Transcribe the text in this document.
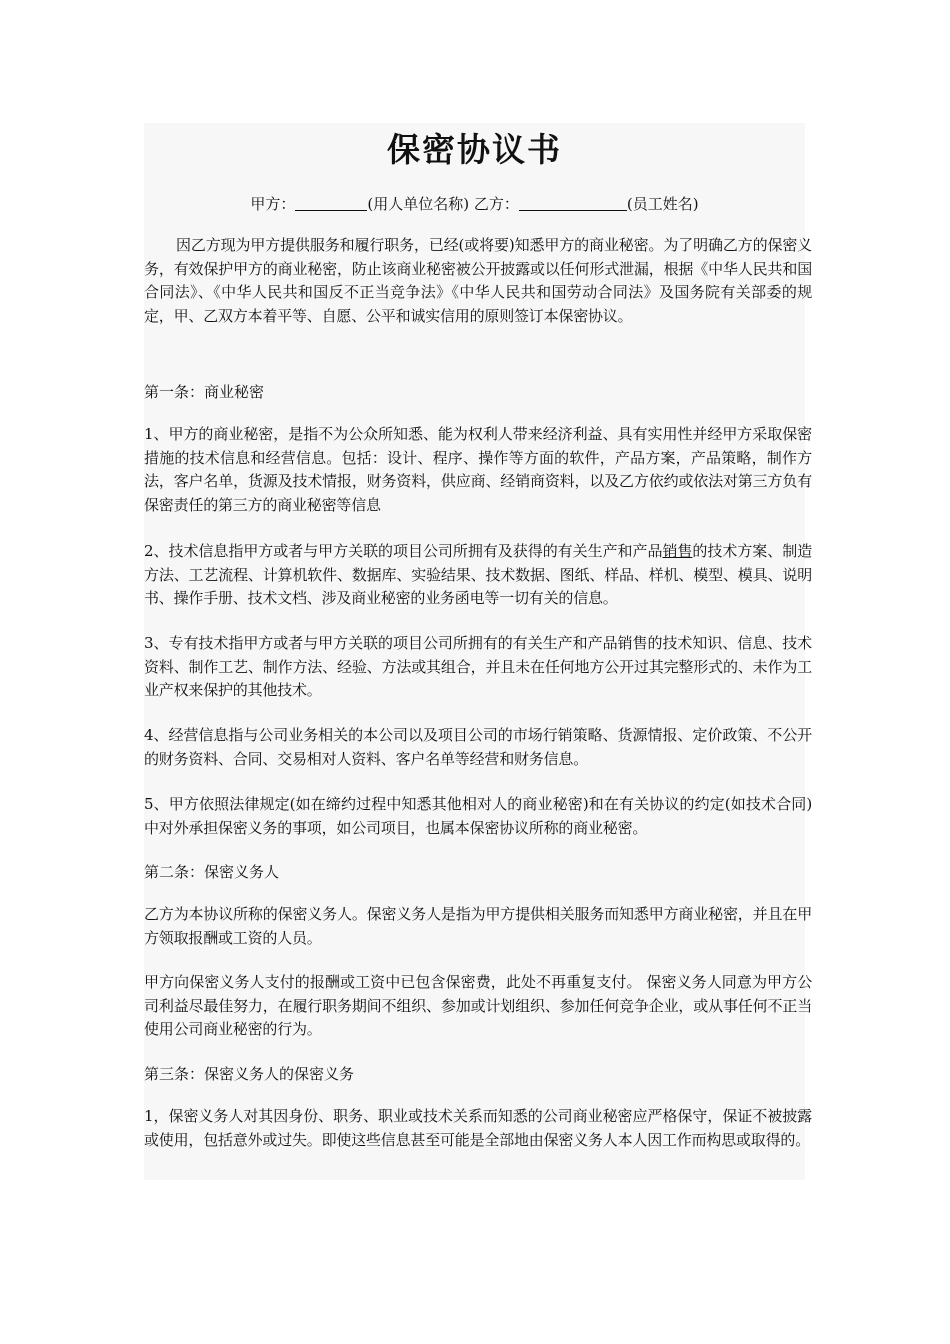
保密协议书
甲方：	(用人单位名称) 乙方：	(员工姓名)

因乙方现为甲方提供服务和履行职务，已经(或将要)知悉甲方的商业秘密。为了明确乙方的保密义务，有效保护甲方的商业秘密，防止该商业秘密被公开披露或以任何形式泄漏，根据《中华人民共和国合同法》、《中华人民共和国反不正当竞争法》《中华人民共和国劳动合同法》及国务院有关部委的规定，甲、乙双方本着平等、自愿、公平和诚实信用的原则签订本保密协议。

第一条：商业秘密

1、甲方的商业秘密，是指不为公众所知悉、能为权利人带来经济利益、具有实用性并经甲方采取保密措施的技术信息和经营信息。包括：设计、程序、操作等方面的软件，产品方案，产品策略，制作方法，客户名单，货源及技术情报，财务资料，供应商、经销商资料，以及乙方依约或依法对第三方负有保密责任的第三方的商业秘密等信息

2、技术信息指甲方或者与甲方关联的项目公司所拥有及获得的有关生产和产品销售的技术方案、制造方法、工艺流程、计算机软件、数据库、实验结果、技术数据、图纸、样品、样机、模型、模具、说明书、操作手册、技术文档、涉及商业秘密的业务函电等一切有关的信息。

3、专有技术指甲方或者与甲方关联的项目公司所拥有的有关生产和产品销售的技术知识、信息、技术资料、制作工艺、制作方法、经验、方法或其组合，并且未在任何地方公开过其完整形式的、未作为工业产权来保护的其他技术。

4、经营信息指与公司业务相关的本公司以及项目公司的市场行销策略、货源情报、定价政策、不公开的财务资料、合同、交易相对人资料、客户名单等经营和财务信息。

5、甲方依照法律规定(如在缔约过程中知悉其他相对人的商业秘密)和在有关协议的约定(如技术合同)中对外承担保密义务的事项，如公司项目，也属本保密协议所称的商业秘密。

第二条：保密义务人

乙方为本协议所称的保密义务人。保密义务人是指为甲方提供相关服务而知悉甲方商业秘密，并且在甲方领取报酬或工资的人员。

甲方向保密义务人支付的报酬或工资中已包含保密费，此处不再重复支付。 保密义务人同意为甲方公司利益尽最佳努力，在履行职务期间不组织、参加或计划组织、参加任何竞争企业，或从事任何不正当使用公司商业秘密的行为。

第三条：保密义务人的保密义务

1，保密义务人对其因身份、职务、职业或技术关系而知悉的公司商业秘密应严格保守，保证不被披露或使用，包括意外或过失。即使这些信息甚至可能是全部地由保密义务人本人因工作而构思或取得的。
